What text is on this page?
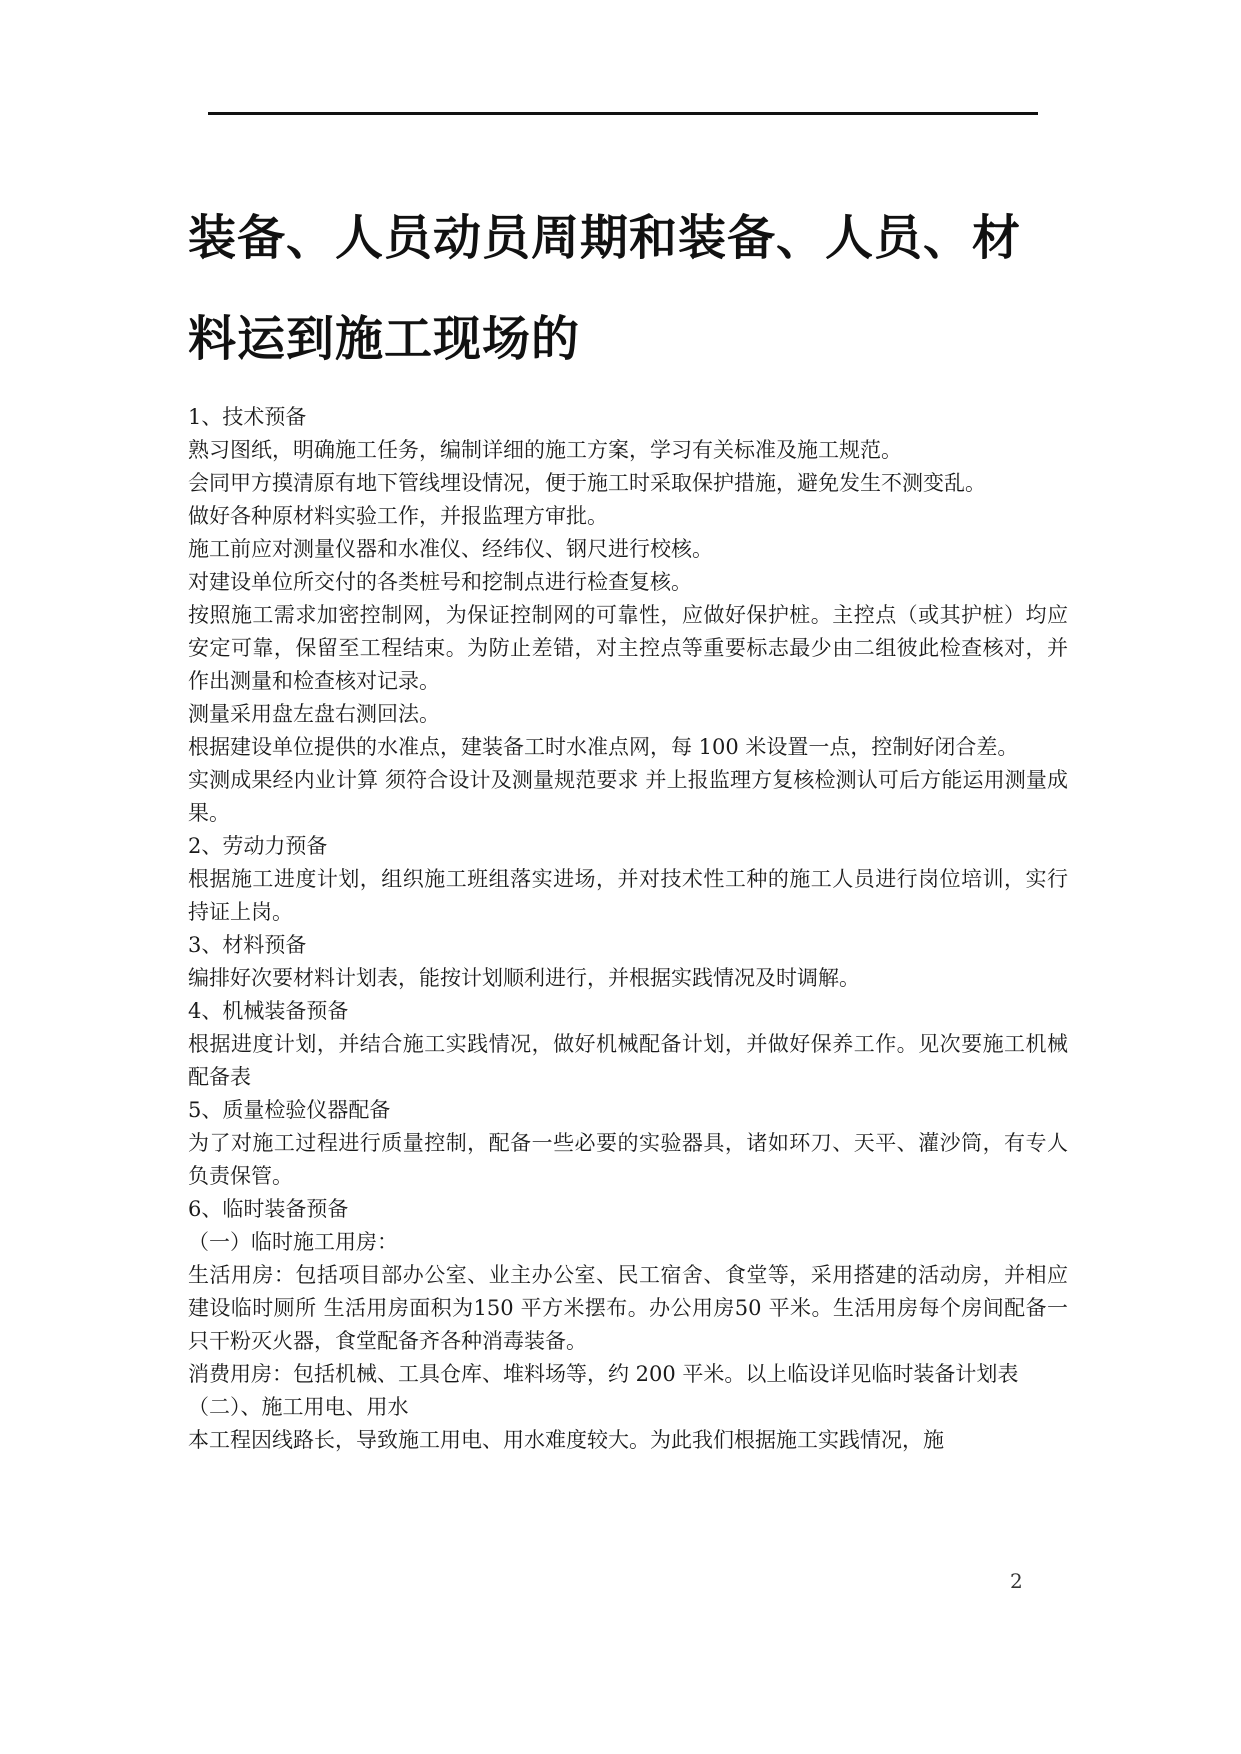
装备、人员动员周期和装备、人员、材
料运到施工现场的

1、技术预备

熟习图纸，明确施工任务，编制详细的施工方案，学习有关标准及施工规范。

会同甲方摸清原有地下管线埋设情况，便于施工时采取保护措施，避免发生不测变乱。

做好各种原材料实验工作，并报监理方审批。

施工前应对测量仪器和水准仪、经纬仪、钢尺进行校核。

对建设单位所交付的各类桩号和挖制点进行检查复核。

按照施工需求加密控制网，为保证控制网的可靠性，应做好保护桩。主控点（或其护桩）均应安定可靠，保留至工程结束。为防止差错，对主控点等重要标志最少由二组彼此检查核对，并作出测量和检查核对记录。

测量采用盘左盘右测回法。

根据建设单位提供的水准点，建装备工时水准点网，每 100 米设置一点，控制好闭合差。

实测成果经内业计算 须符合设计及测量规范要求 并上报监理方复核检测认可后方能运用测量成果。

2、劳动力预备

根据施工进度计划，组织施工班组落实进场，并对技术性工种的施工人员进行岗位培训，实行持证上岗。

3、材料预备

编排好次要材料计划表，能按计划顺利进行，并根据实践情况及时调解。

4、机械装备预备

根据进度计划，并结合施工实践情况，做好机械配备计划，并做好保养工作。见次要施工机械配备表

5、质量检验仪器配备

为了对施工过程进行质量控制，配备一些必要的实验器具，诸如环刀、天平、灌沙筒，有专人负责保管。

6、临时装备预备

（一）临时施工用房：

生活用房：包括项目部办公室、业主办公室、民工宿舍、食堂等，采用搭建的活动房，并相应建设临时厕所 生活用房面积为150 平方米摆布。办公用房50 平米。生活用房每个房间配备一只干粉灭火器，食堂配备齐各种消毒装备。

消费用房：包括机械、工具仓库、堆料场等，约 200 平米。以上临设详见临时装备计划表

（二）、施工用电、用水

本工程因线路长，导致施工用电、用水难度较大。为此我们根据施工实践情况，施

2
